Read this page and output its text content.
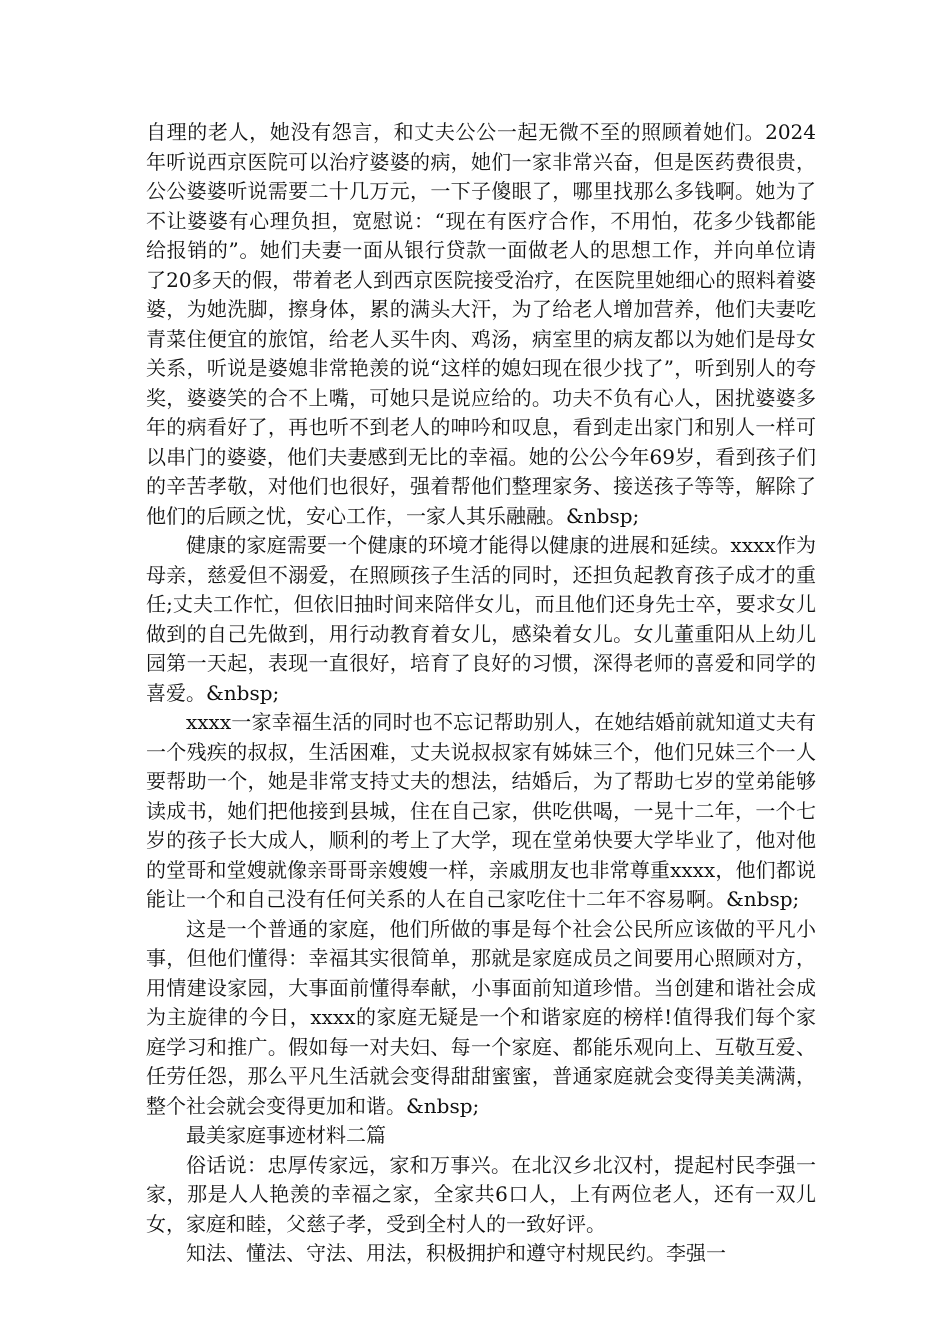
自理的老人，她没有怨言，和丈夫公公一起无微不至的照顾着她们。2024年听说西京医院可以治疗婆婆的病，她们一家非常兴奋，但是医药费很贵，公公婆婆听说需要二十几万元，一下子傻眼了，哪里找那么多钱啊。她为了不让婆婆有心理负担，宽慰说：“现在有医疗合作，不用怕，花多少钱都能给报销的”。她们夫妻一面从银行贷款一面做老人的思想工作，并向单位请了20多天的假，带着老人到西京医院接受治疗，在医院里她细心的照料着婆婆，为她洗脚，擦身体，累的满头大汗，为了给老人增加营养，他们夫妻吃青菜住便宜的旅馆，给老人买牛肉、鸡汤，病室里的病友都以为她们是母女关系，听说是婆媳非常艳羡的说“这样的媳妇现在很少找了”，听到别人的夸奖，婆婆笑的合不上嘴，可她只是说应给的。功夫不负有心人，困扰婆婆多年的病看好了，再也听不到老人的呻吟和叹息，看到走出家门和别人一样可以串门的婆婆，他们夫妻感到无比的幸福。她的公公今年69岁，看到孩子们的辛苦孝敬，对他们也很好，强着帮他们整理家务、接送孩子等等，解除了他们的后顾之忧，安心工作，一家人其乐融融。&nbsp;

健康的家庭需要一个健康的环境才能得以健康的进展和延续。xxxx作为母亲，慈爱但不溺爱，在照顾孩子生活的同时，还担负起教育孩子成才的重任;丈夫工作忙，但依旧抽时间来陪伴女儿，而且他们还身先士卒，要求女儿做到的自己先做到，用行动教育着女儿，感染着女儿。女儿董重阳从上幼儿园第一天起，表现一直很好，培育了良好的习惯，深得老师的喜爱和同学的喜爱。&nbsp;

xxxx一家幸福生活的同时也不忘记帮助别人，在她结婚前就知道丈夫有一个残疾的叔叔，生活困难，丈夫说叔叔家有姊妹三个，他们兄妹三个一人要帮助一个，她是非常支持丈夫的想法，结婚后，为了帮助七岁的堂弟能够读成书，她们把他接到县城，住在自己家，供吃供喝，一晃十二年，一个七岁的孩子长大成人，顺利的考上了大学，现在堂弟快要大学毕业了，他对他的堂哥和堂嫂就像亲哥哥亲嫂嫂一样，亲戚朋友也非常尊重xxxx，他们都说能让一个和自己没有任何关系的人在自己家吃住十二年不容易啊。&nbsp;

这是一个普通的家庭，他们所做的事是每个社会公民所应该做的平凡小事，但他们懂得：幸福其实很简单，那就是家庭成员之间要用心照顾对方，用情建设家园，大事面前懂得奉献，小事面前知道珍惜。当创建和谐社会成为主旋律的今日，xxxx的家庭无疑是一个和谐家庭的榜样!值得我们每个家庭学习和推广。假如每一对夫妇、每一个家庭、都能乐观向上、互敬互爱、任劳任怨，那么平凡生活就会变得甜甜蜜蜜，普通家庭就会变得美美满满，整个社会就会变得更加和谐。&nbsp;

最美家庭事迹材料二篇

俗话说：忠厚传家远，家和万事兴。在北汉乡北汉村，提起村民李强一家，那是人人艳羡的幸福之家，全家共6口人，上有两位老人，还有一双儿女，家庭和睦，父慈子孝，受到全村人的一致好评。

知法、懂法、守法、用法，积极拥护和遵守村规民约。李强一
